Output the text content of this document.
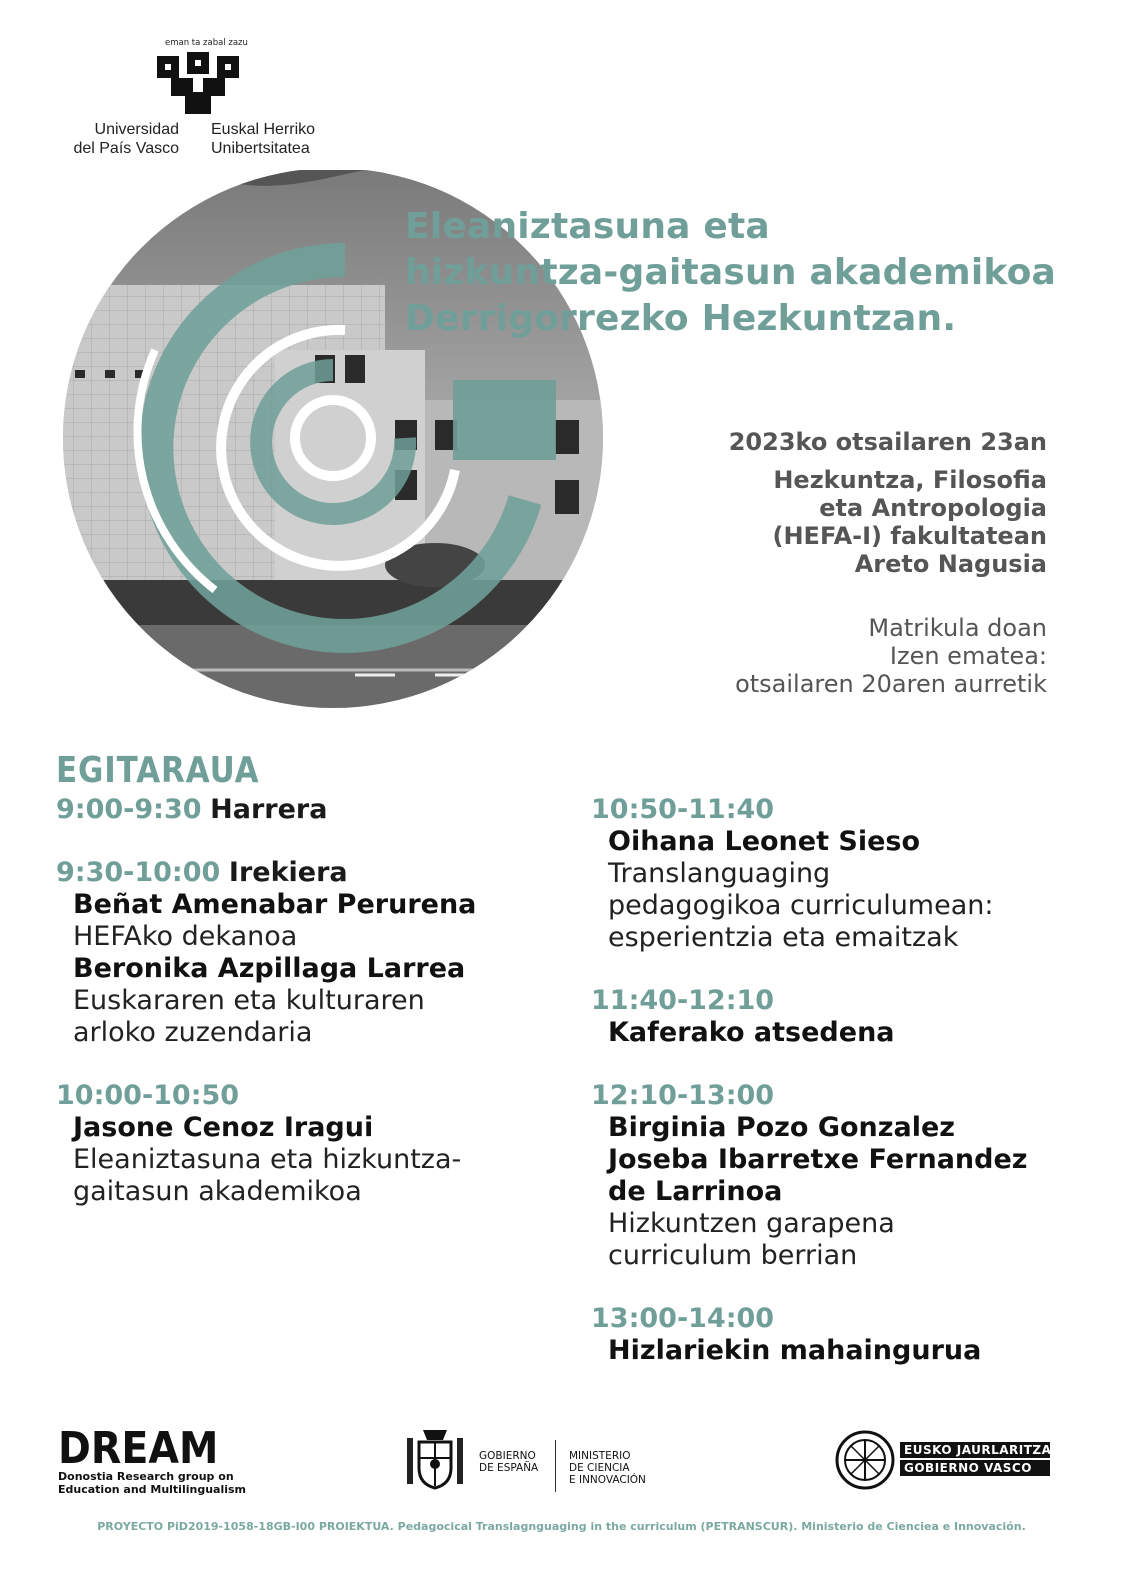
eman ta zabal zazu
Universidad
del País Vasco
Euskal Herriko
Unibertsitatea
Eleaniztasuna eta
hizkuntza-gaitasun akademikoa
Derrigorrezko Hezkuntzan.
2023ko otsailaren 23an
Hezkuntza, Filosofia
eta Antropologia
(HEFA-I) fakultatean
Areto Nagusia
Matrikula doan
Izen ematea:
otsailaren 20aren aurretik
EGITARAUA
9:00-9:30 Harrera
9:30-10:00 Irekiera
Beñat Amenabar Perurena
HEFAko dekanoa
Beronika Azpillaga Larrea
Euskararen eta kulturaren
arloko zuzendaria
10:00-10:50
Jasone Cenoz Iragui
Eleaniztasuna eta hizkuntza-
gaitasun akademikoa
10:50-11:40
Oihana Leonet Sieso
Translanguaging
pedagogikoa curriculumean:
esperientzia eta emaitzak
11:40-12:10
Kaferako atsedena
12:10-13:00
Birginia Pozo Gonzalez
Joseba Ibarretxe Fernandez
de Larrinoa
Hizkuntzen garapena
curriculum berrian
13:00-14:00
Hizlariekin mahaingurua
DREAM
Donostia Research group on
Education and Multilingualism
GOBIERNO
DE ESPAÑA
MINISTERIO
DE CIENCIA
E INNOVACIÓN
EUSKO JAURLARITZA
GOBIERNO VASCO
PROYECTO PiD2019-1058-18GB-I00 PROIEKTUA. Pedagocical Translagnguaging in the curriculum (PETRANSCUR). Ministerio de Cienciea e Innovación.
